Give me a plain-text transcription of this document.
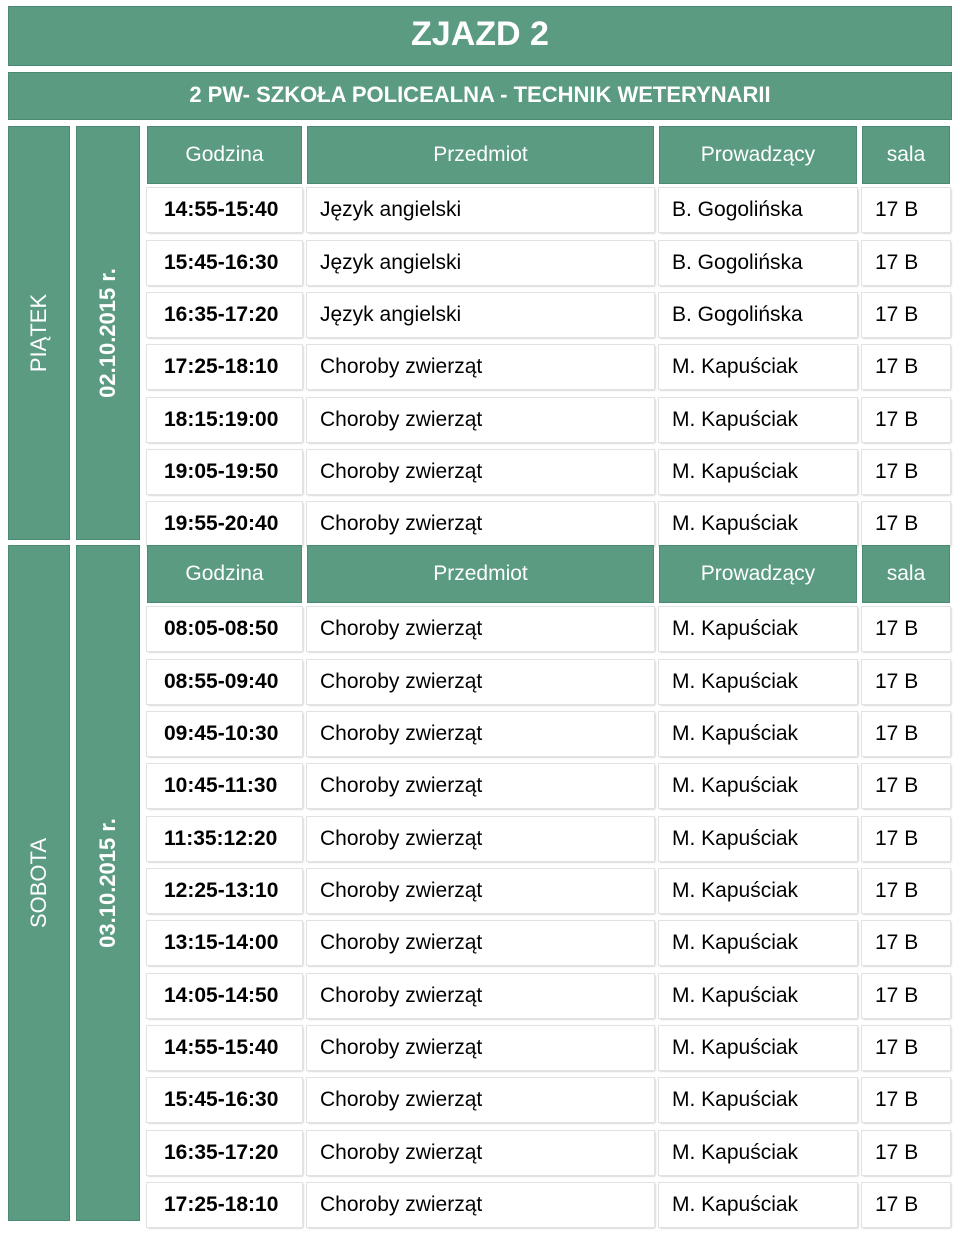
ZJAZD 2
2 PW- SZKOŁA POLICEALNA - TECHNIK WETERYNARII
PIĄTEK 02.10.2015 r.
Godzina	Przedmiot	Prowadzący	sala
14:55-15:40	Język angielski	B. Gogolińska	17 B
15:45-16:30	Język angielski	B. Gogolińska	17 B
16:35-17:20	Język angielski	B. Gogolińska	17 B
17:25-18:10	Choroby zwierząt	M. Kapuściak	17 B
18:15:19:00	Choroby zwierząt	M. Kapuściak	17 B
19:05-19:50	Choroby zwierząt	M. Kapuściak	17 B
19:55-20:40	Choroby zwierząt	M. Kapuściak	17 B
SOBOTA 03.10.2015 r.
Godzina	Przedmiot	Prowadzący	sala
08:05-08:50	Choroby zwierząt	M. Kapuściak	17 B
08:55-09:40	Choroby zwierząt	M. Kapuściak	17 B
09:45-10:30	Choroby zwierząt	M. Kapuściak	17 B
10:45-11:30	Choroby zwierząt	M. Kapuściak	17 B
11:35:12:20	Choroby zwierząt	M. Kapuściak	17 B
12:25-13:10	Choroby zwierząt	M. Kapuściak	17 B
13:15-14:00	Choroby zwierząt	M. Kapuściak	17 B
14:05-14:50	Choroby zwierząt	M. Kapuściak	17 B
14:55-15:40	Choroby zwierząt	M. Kapuściak	17 B
15:45-16:30	Choroby zwierząt	M. Kapuściak	17 B
16:35-17:20	Choroby zwierząt	M. Kapuściak	17 B
17:25-18:10	Choroby zwierząt	M. Kapuściak	17 B
